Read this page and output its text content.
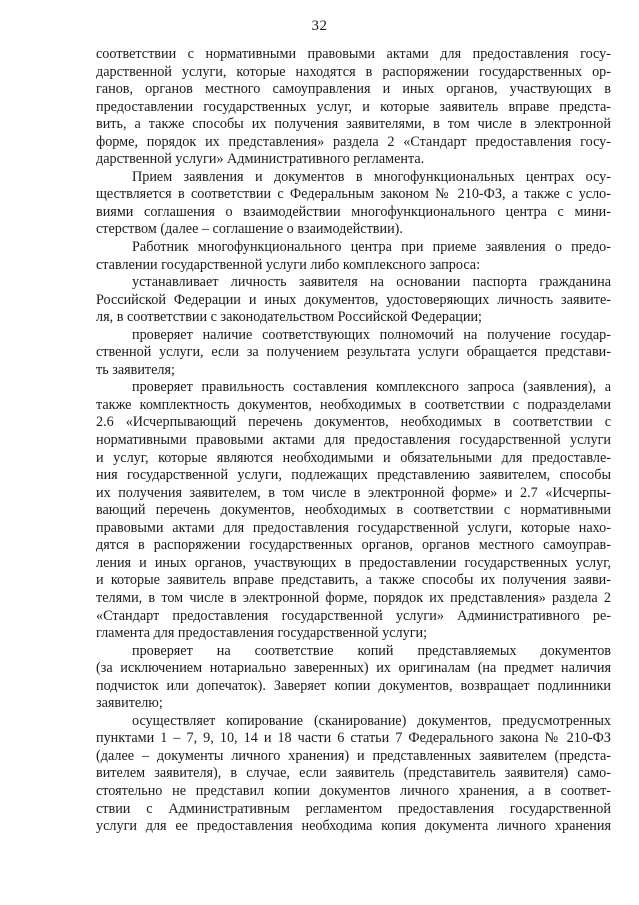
32
соответствии с нормативными правовыми актами для предоставления госу-
дарственной услуги, которые находятся в распоряжении государственных ор-
ганов, органов местного самоуправления и иных органов, участвующих в
предоставлении государственных услуг, и которые заявитель вправе предста-
вить, а также способы их получения заявителями, в том числе в электронной
форме, порядок их представления» раздела 2 «Стандарт предоставления госу-
дарственной услуги» Административного регламента.
Прием заявления и документов в многофункциональных центрах осу-
ществляется в соответствии с Федеральным законом № 210-ФЗ, а также с усло-
виями соглашения о взаимодействии многофункционального центра с мини-
стерством (далее – соглашение о взаимодействии).
Работник многофункционального центра при приеме заявления о предо-
ставлении государственной услуги либо комплексного запроса:
устанавливает личность заявителя на основании паспорта гражданина
Российской Федерации и иных документов, удостоверяющих личность заявите-
ля, в соответствии с законодательством Российской Федерации;
проверяет наличие соответствующих полномочий на получение государ-
ственной услуги, если за получением результата услуги обращается представи-
ть заявителя;
проверяет правильность составления комплексного запроса (заявления), а
также комплектность документов, необходимых в соответствии с подразделами
2.6 «Исчерпывающий перечень документов, необходимых в соответствии с
нормативными правовыми актами для предоставления государственной услуги
и услуг, которые являются необходимыми и обязательными для предоставле-
ния государственной услуги, подлежащих представлению заявителем, способы
их получения заявителем, в том числе в электронной форме» и 2.7 «Исчерпы-
вающий перечень документов, необходимых в соответствии с нормативными
правовыми актами для предоставления государственной услуги, которые нахо-
дятся в распоряжении государственных органов, органов местного самоуправ-
ления и иных органов, участвующих в предоставлении государственных услуг,
и которые заявитель вправе представить, а также способы их получения заяви-
телями, в том числе в электронной форме, порядок их представления» раздела 2
«Стандарт предоставления государственной услуги» Административного ре-
гламента для предоставления государственной услуги;
проверяет на соответствие копий представляемых документов
(за исключением нотариально заверенных) их оригиналам (на предмет наличия
подчисток или допечаток). Заверяет копии документов, возвращает подлинники
заявителю;
осуществляет копирование (сканирование) документов, предусмотренных
пунктами 1 – 7, 9, 10, 14 и 18 части 6 статьи 7 Федерального закона № 210-ФЗ
(далее – документы личного хранения) и представленных заявителем (предста-
вителем заявителя), в случае, если заявитель (представитель заявителя) само-
стоятельно не представил копии документов личного хранения, а в соответ-
ствии с Административным регламентом предоставления государственной
услуги для ее предоставления необходима копия документа личного хранения
